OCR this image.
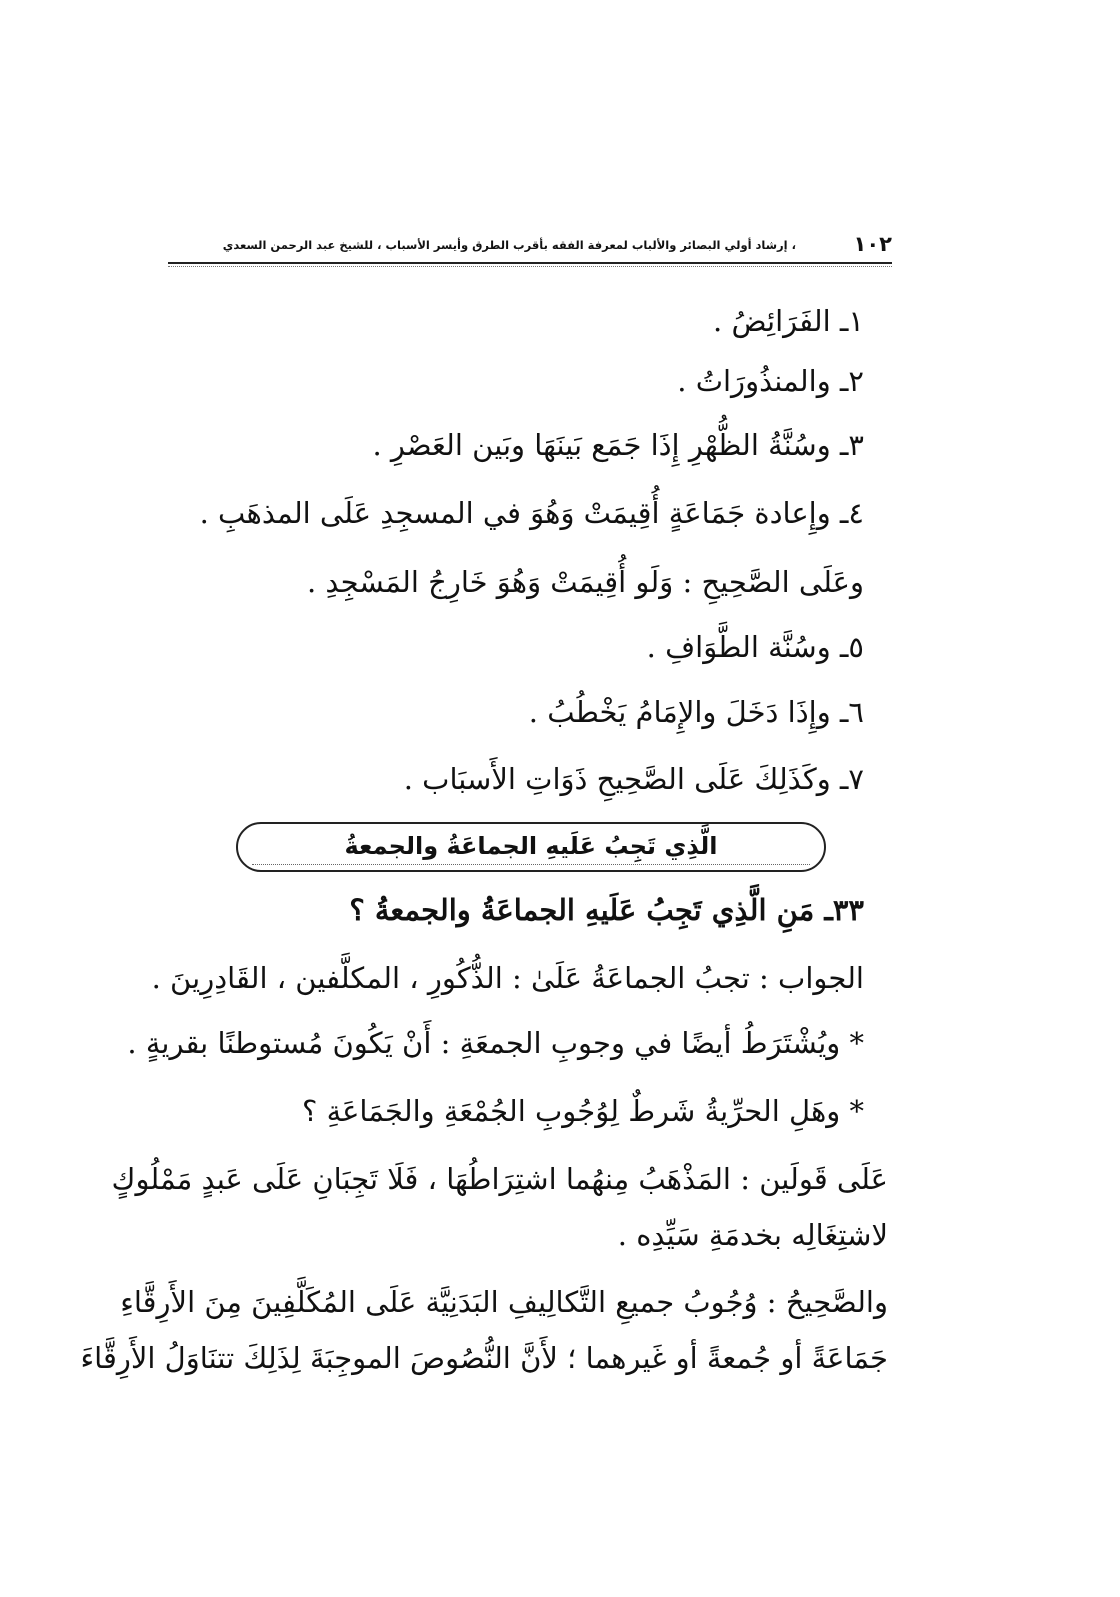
١٠٢
، إرشاد أولي البصائر والألباب لمعرفة الفقه بأقرب الطرق وأيسر الأسباب ، للشيخ عبد الرحمن السعدي
١ـ الفَرَائِضُ .
٢ـ والمنذُورَاتُ .
٣ـ وسُنَّةُ الظُّهْرِ إِذَا جَمَع بَينَهَا وبَين العَصْرِ .
٤ـ وإِعادة جَمَاعَةٍ أُقِيمَتْ وَهُوَ في المسجِدِ عَلَى المذهَبِ .
وعَلَى الصَّحِيحِ : وَلَو أُقِيمَتْ وَهُوَ خَارِجُ المَسْجِدِ .
٥ـ وسُنَّة الطَّوَافِ .
٦ـ وإِذَا دَخَلَ والإِمَامُ يَخْطُبُ .
٧ـ وكَذَلِكَ عَلَى الصَّحِيحِ ذَوَاتِ الأَسبَاب .
الَّذِي تَجِبُ عَلَيهِ الجماعَةُ والجمعةُ
٣٣ـ مَنِ الَّذِي تَجِبُ عَلَيهِ الجماعَةُ والجمعةُ ؟
الجواب : تجبُ الجماعَةُ عَلَىٰ : الذُّكُورِ ، المكلَّفين ، القَادِرِينَ .
* ويُشْتَرَطُ أيضًا في وجوبِ الجمعَةِ : أَنْ يَكُونَ مُستوطنًا بقريةٍ .
* وهَلِ الحرِّيةُ شَرطٌ لِوُجُوبِ الجُمْعَةِ والجَمَاعَةِ ؟
عَلَى قَولَين : المَذْهَبُ مِنهُما اشتِرَاطُهَا ، فَلَا تَجِبَانِ عَلَى عَبدٍ مَمْلُوكٍ
لاشتِغَالِه بخدمَةِ سَيِّدِه .
والصَّحِيحُ : وُجُوبُ جميعِ التَّكالِيفِ البَدَنِيَّة عَلَى المُكَلَّفِينَ مِنَ الأَرِقَّاءِ
جَمَاعَةً أو جُمعةً أو غَيرهما ؛ لأَنَّ النُّصُوصَ الموجِبَةَ لِذَلِكَ تتنَاوَلُ الأَرِقَّاءَ
